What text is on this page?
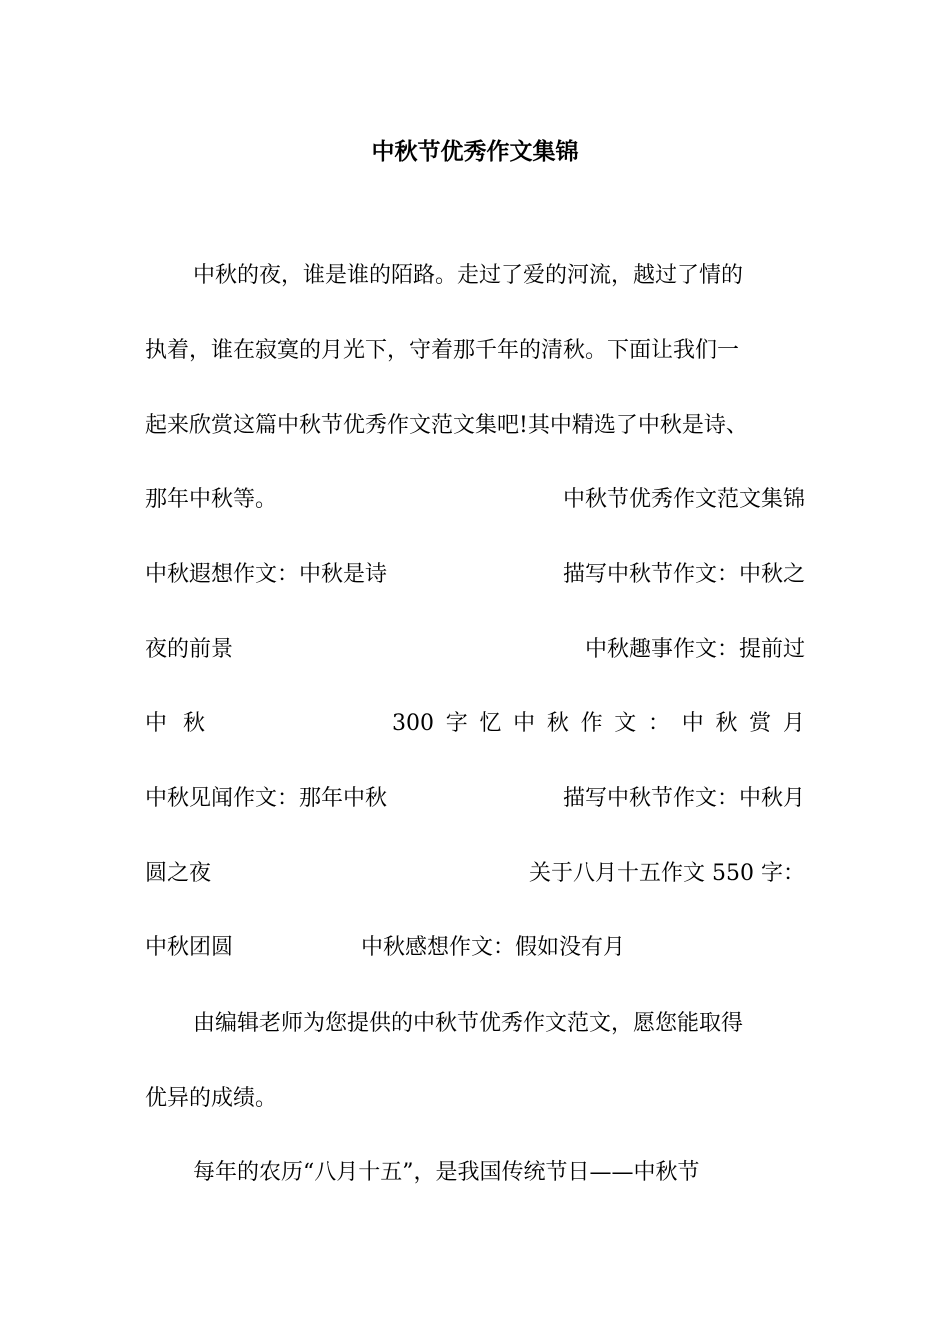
中秋节优秀作文集锦
中秋的夜，谁是谁的陌路。走过了爱的河流，越过了情的
执着，谁在寂寞的月光下，守着那千年的清秋。下面让我们一
起来欣赏这篇中秋节优秀作文范文集吧!其中精选了中秋是诗、
那年中秋等。	中秋节优秀作文范文集锦
中秋遐想作文：中秋是诗	描写中秋节作文：中秋之
夜的前景	中秋趣事作文：提前过
中 秋	300 字 忆 中 秋 作 文 ： 中 秋 赏 月
中秋见闻作文：那年中秋	描写中秋节作文：中秋月
圆之夜	关于八月十五作文 550 字：
中秋团圆	中秋感想作文：假如没有月
由编辑老师为您提供的中秋节优秀作文范文，愿您能取得
优异的成绩。
每年的农历“八月十五”，是我国传统节日——中秋节
